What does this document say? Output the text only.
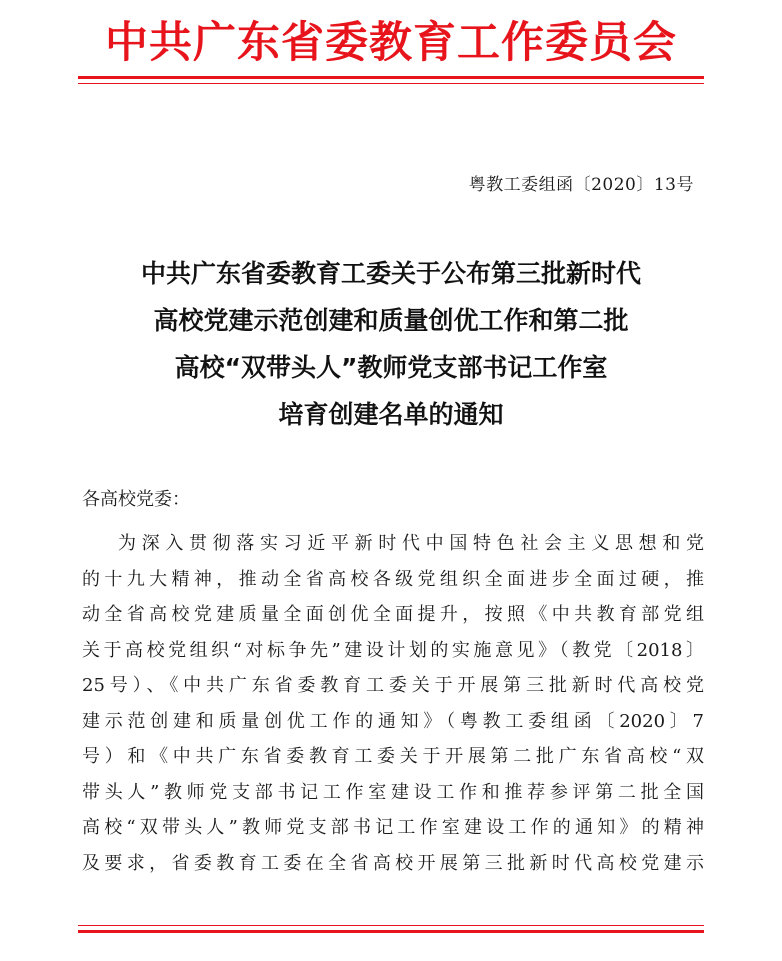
中共广东省委教育工作委员会
粤教工委组函〔2020〕13号
中共广东省委教育工委关于公布第三批新时代
高校党建示范创建和质量创优工作和第二批
高校“双带头人”教师党支部书记工作室
培育创建名单的通知
各高校党委：
为深入贯彻落实习近平新时代中国特色社会主义思想和党
的十九大精神，推动全省高校各级党组织全面进步全面过硬，推
动全省高校党建质量全面创优全面提升，按照《中共教育部党组
关于高校党组织“对标争先”建设计划的实施意见》（教党〔2018〕
25号）、《中共广东省委教育工委关于开展第三批新时代高校党
建示范创建和质量创优工作的通知》（粤教工委组函〔2020〕7
号）和《中共广东省委教育工委关于开展第二批广东省高校“双
带头人”教师党支部书记工作室建设工作和推荐参评第二批全国
高校“双带头人”教师党支部书记工作室建设工作的通知》的精神
及要求，省委教育工委在全省高校开展第三批新时代高校党建示
